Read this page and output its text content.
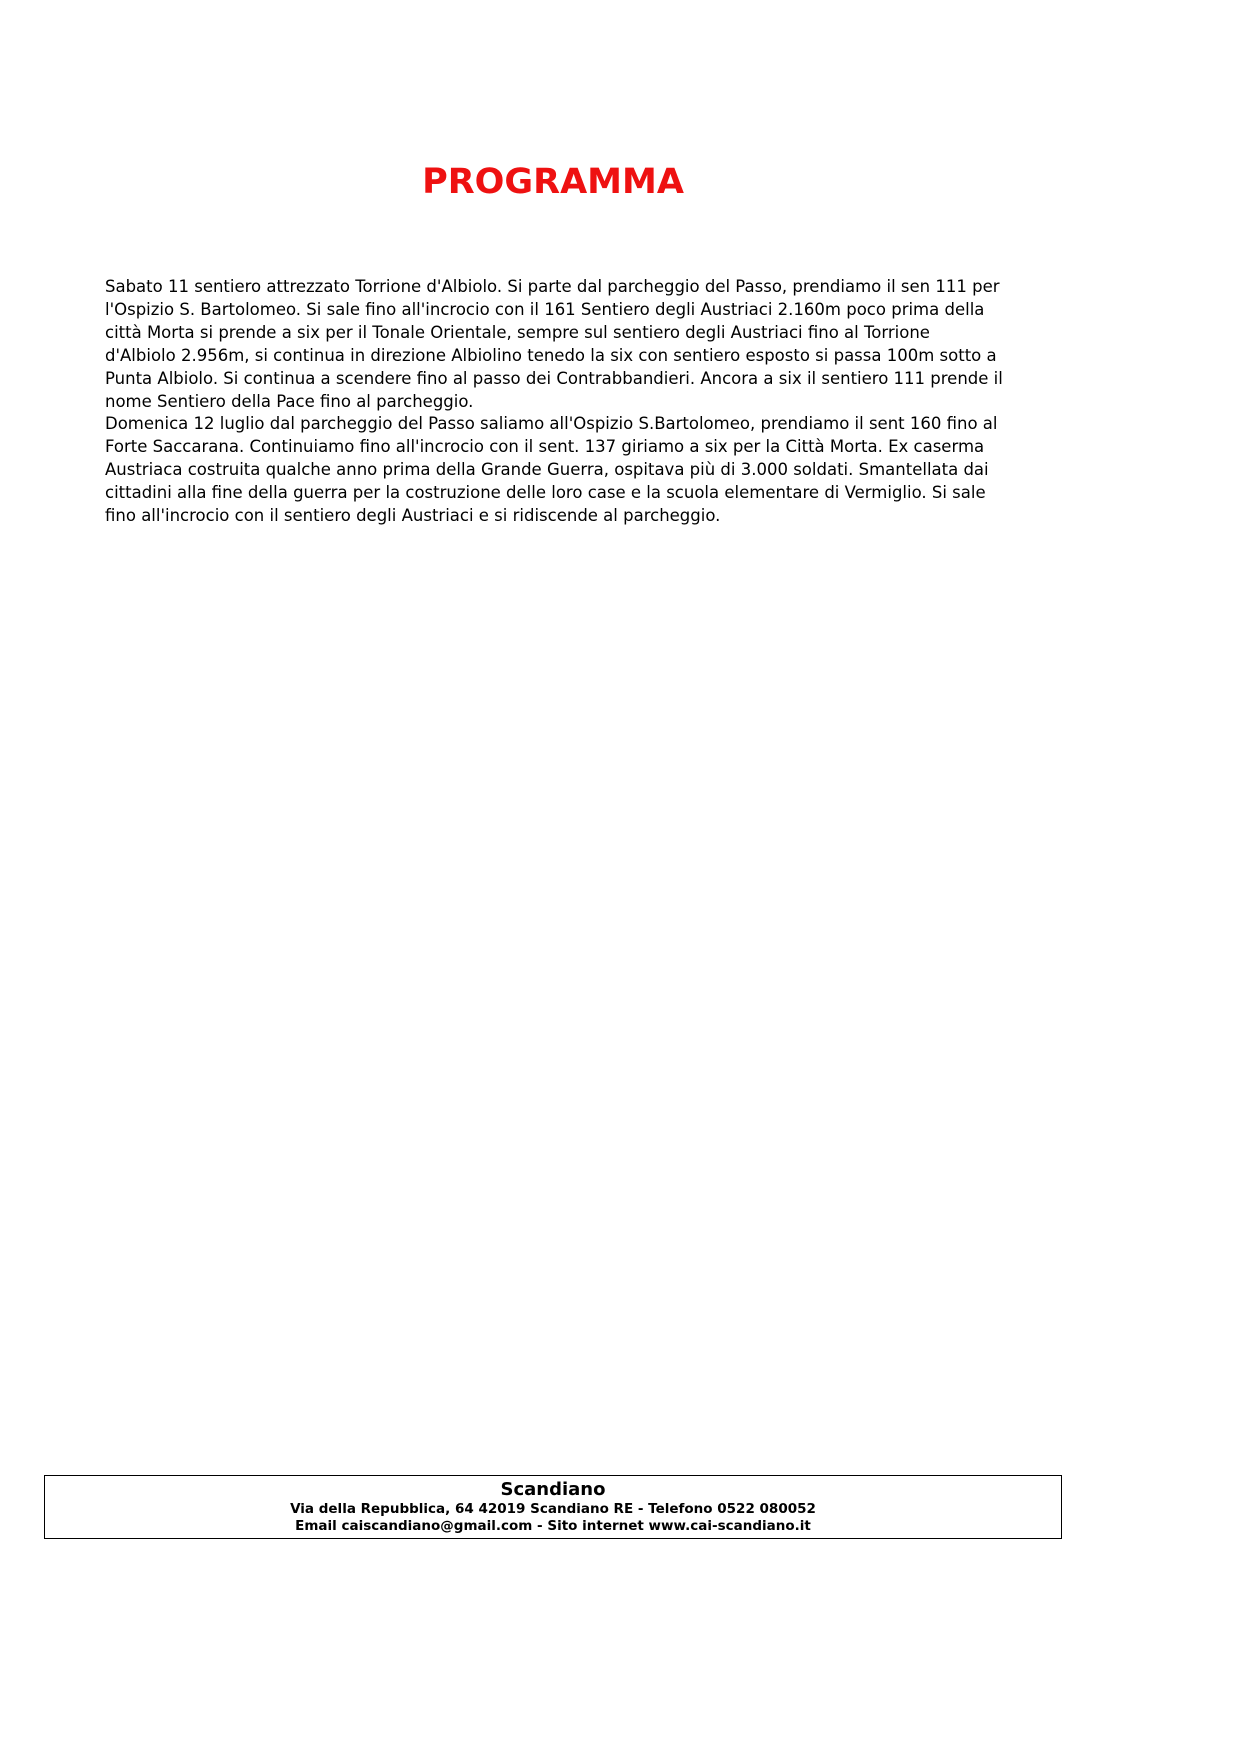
PROGRAMMA

Sabato 11 sentiero attrezzato Torrione d'Albiolo. Si parte dal parcheggio del Passo, prendiamo il sen 111 per l'Ospizio S. Bartolomeo. Si sale fino all'incrocio con il 161 Sentiero degli Austriaci 2.160m poco prima della città Morta si prende a six per il Tonale Orientale, sempre sul sentiero degli Austriaci fino al Torrione d'Albiolo 2.956m, si continua in direzione Albiolino tenedo la six con sentiero esposto si passa 100m sotto a Punta Albiolo. Si continua a scendere fino al passo dei Contrabbandieri. Ancora a six il sentiero 111 prende il nome Sentiero della Pace fino al parcheggio.

Domenica 12 luglio dal parcheggio del Passo saliamo all'Ospizio S.Bartolomeo, prendiamo il sent 160 fino al Forte Saccarana. Continuiamo fino all'incrocio con il sent. 137 giriamo a six per la Città Morta. Ex caserma Austriaca costruita qualche anno prima della Grande Guerra, ospitava più di 3.000 soldati. Smantellata dai cittadini alla fine della guerra per la costruzione delle loro case e la scuola elementare di Vermiglio. Si sale fino all'incrocio con il sentiero degli Austriaci e si ridiscende al parcheggio.

Scandiano
Via della Repubblica, 64 42019 Scandiano RE - Telefono 0522 080052
Email caiscandiano@gmail.com - Sito internet www.cai-scandiano.it
